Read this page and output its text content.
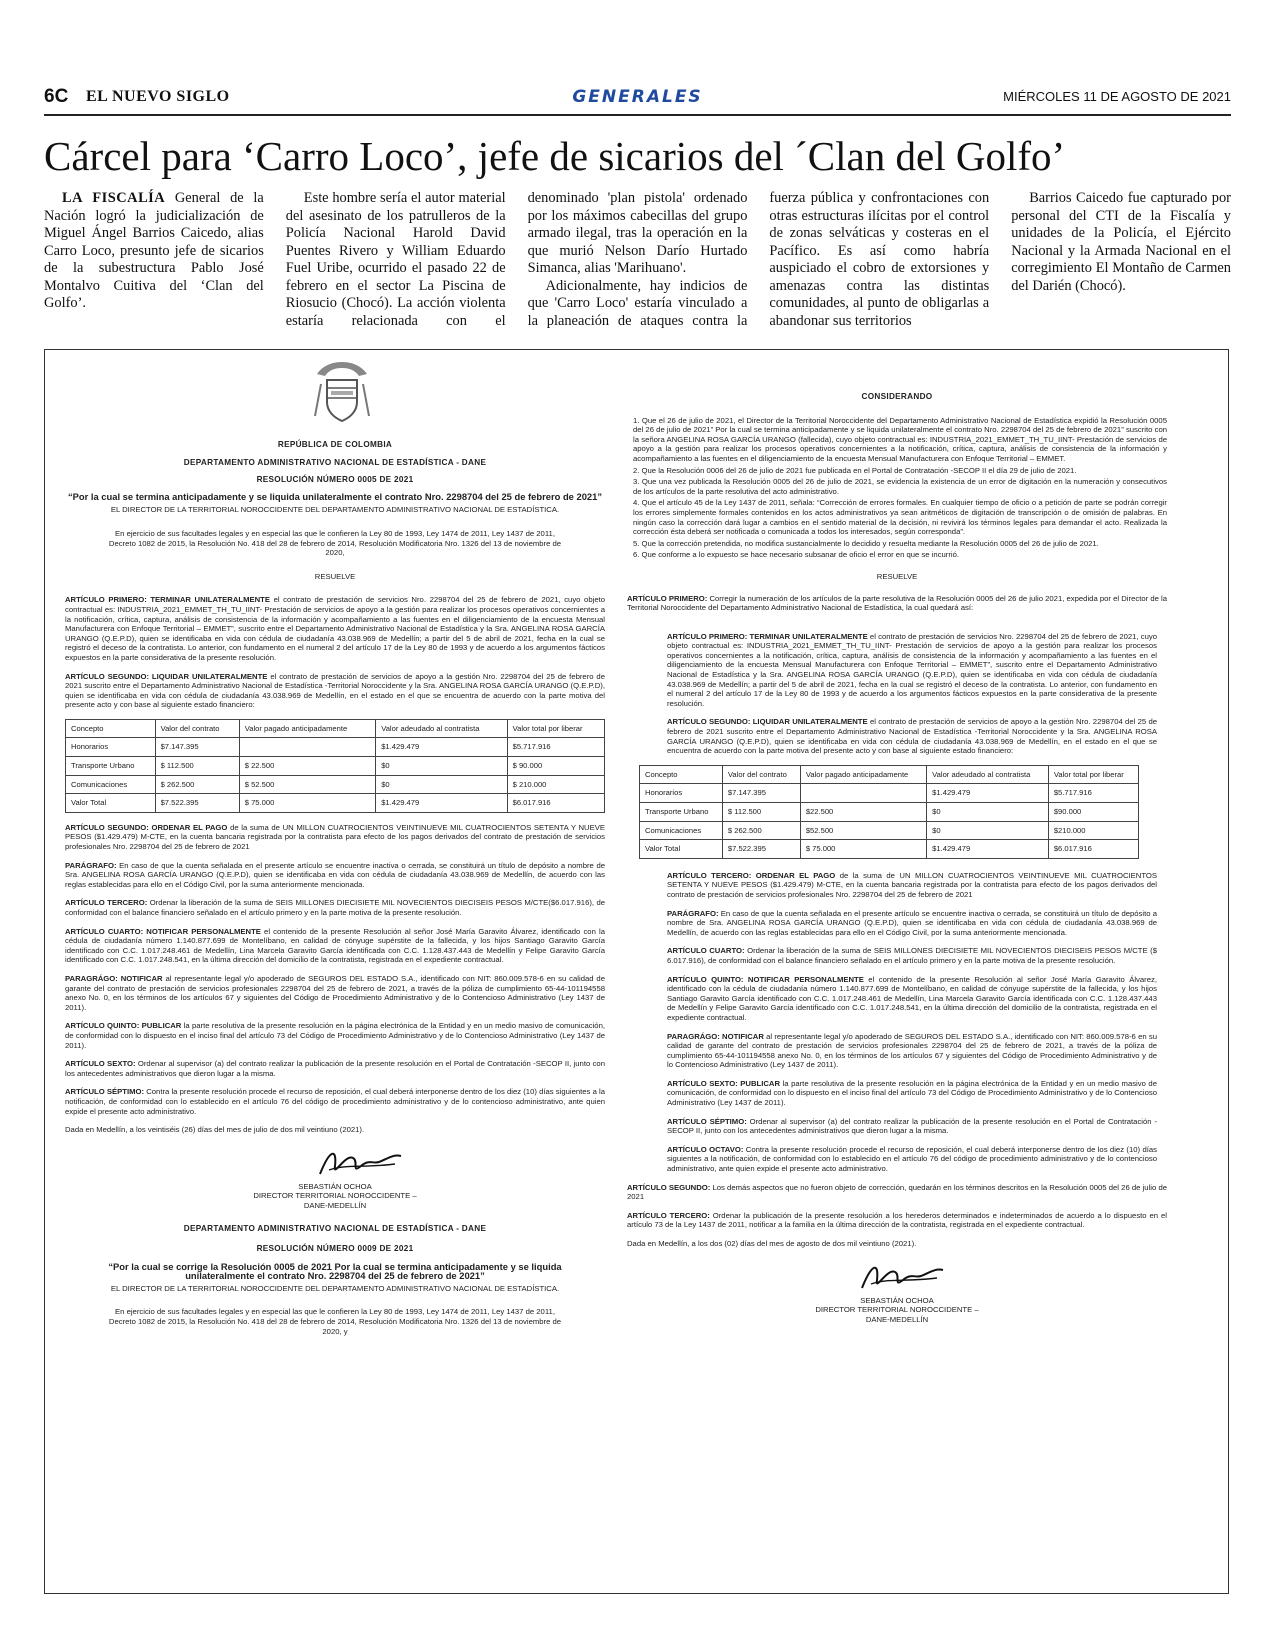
6C EL NUEVO SIGLO	GENERALES	MIÉRCOLES 11 DE AGOSTO DE 2021
Cárcel para ‘Carro Loco’, jefe de sicarios del ´Clan del Golfo’

LA FISCALÍA General de la Nación logró la judicialización de Miguel Ángel Barrios Caicedo, alias Carro Loco, presunto jefe de sicarios de la subestructura Pablo José Montalvo Cuitiva del ‘Clan del Golfo’.

Este hombre sería el autor material del asesinato de los patrulleros de la Policía Nacional Harold David Puentes Rivero y William Eduardo Fuel Uribe, ocurrido el pasado 22 de febrero en el sector La Piscina de Riosucio (Chocó). La acción violenta estaría relacionada con el denominado 'plan pistola' ordenado por los máximos cabecillas del grupo armado ilegal, tras la operación en la que murió Nelson Darío Hurtado Simanca, alias 'Marihuano'.

Adicionalmente, hay indicios de que 'Carro Loco' estaría vinculado a la planeación de ataques contra la fuerza pública y confrontaciones con otras estructuras ilícitas por el control de zonas selváticas y costeras en el Pacífico. Es así como habría auspiciado el cobro de extorsiones y amenazas contra las distintas comunidades, al punto de obligarlas a abandonar sus territorios

Barrios Caicedo fue capturado por personal del CTI de la Fiscalía y unidades de la Policía, el Ejército Nacional y la Armada Nacional en el corregimiento El Montaño de Carmen del Darién (Chocó).

REPÚBLICA DE COLOMBIA
DEPARTAMENTO ADMINISTRATIVO NACIONAL DE ESTADÍSTICA - DANE
RESOLUCIÓN NÚMERO 0005 DE 2021
“Por la cual se termina anticipadamente y se liquida unilateralmente el contrato Nro. 2298704 del 25 de febrero de 2021”
EL DIRECTOR DE LA TERRITORIAL NOROCCIDENTE DEL DEPARTAMENTO ADMINISTRATIVO NACIONAL DE ESTADÍSTICA.
En ejercicio de sus facultades legales y en especial las que le confieren la Ley 80 de 1993, Ley 1474 de 2011, Ley 1437 de 2011, Decreto 1082 de 2015, la Resolución No. 418 del 28 de febrero de 2014, Resolución Modificatoria Nro. 1326 del 13 de noviembre de 2020,
RESUELVE

ARTÍCULO PRIMERO: TERMINAR UNILATERALMENTE el contrato de prestación de servicios Nro. 2298704 del 25 de febrero de 2021, cuyo objeto contractual es: INDUSTRIA_2021_EMMET_TH_TU_IINT- Prestación de servicios de apoyo a la gestión para realizar los procesos operativos concernientes a la notificación, crítica, captura, análisis de consistencia de la información y acompañamiento a las fuentes en el diligenciamiento de la encuesta Mensual Manufacturera con Enfoque Territorial – EMMET”, suscrito entre el Departamento Administrativo Nacional de Estadística y la Sra. ANGELINA ROSA GARCÍA URANGO (Q.E.P.D), quien se identificaba en vida con cédula de ciudadanía 43.038.969 de Medellín; a partir del 5 de abril de 2021, fecha en la cual se registró el deceso de la contratista. Lo anterior, con fundamento en el numeral 2 del artículo 17 de la Ley 80 de 1993 y de acuerdo a los argumentos fácticos expuestos en la parte considerativa de la presente resolución.

ARTÍCULO SEGUNDO: LIQUIDAR UNILATERALMENTE el contrato de prestación de servicios de apoyo a la gestión Nro. 2298704 del 25 de febrero de 2021 suscrito entre el Departamento Administrativo Nacional de Estadística -Territorial Noroccidente y la Sra. ANGELINA ROSA GARCÍA URANGO (Q.E.P.D), quien se identificaba en vida con cédula de ciudadanía 43.038.969 de Medellín, en el estado en el que se encuentra de acuerdo con la parte motiva del presente acto y con base al siguiente estado financiero:

Concepto	Valor del contrato	Valor pagado anticipadamente	Valor adeudado al contratista	Valor total por liberar
Honorarios	$7.147.395		$1.429.479	$5.717.916
Transporte Urbano	$ 112.500	$ 22.500	$0	$ 90.000
Comunicaciones	$ 262.500	$ 52.500	$0	$ 210.000
Valor Total	$7.522.395	$ 75.000	$1.429.479	$6.017.916

ARTÍCULO SEGUNDO: ORDENAR EL PAGO de la suma de UN MILLON CUATROCIENTOS VEINTINUEVE MIL CUATROCIENTOS SETENTA Y NUEVE PESOS ($1.429.479) M-CTE, en la cuenta bancaria registrada por la contratista para efecto de los pagos derivados del contrato de prestación de servicios profesionales Nro. 2298704 del 25 de febrero de 2021

PARÁGRAFO: En caso de que la cuenta señalada en el presente artículo se encuentre inactiva o cerrada, se constituirá un título de depósito a nombre de Sra. ANGELINA ROSA GARCÍA URANGO (Q.E.P.D), quien se identificaba en vida con cédula de ciudadanía 43.038.969 de Medellín, de acuerdo con las reglas establecidas para ello en el Código Civil, por la suma anteriormente mencionada.

ARTÍCULO TERCERO: Ordenar la liberación de la suma de SEIS MILLONES DIECISIETE MIL NOVECIENTOS DIECISEIS PESOS M/CTE($6.017.916), de conformidad con el balance financiero señalado en el artículo primero y en la parte motiva de la presente resolución.

ARTÍCULO CUARTO: NOTIFICAR PERSONALMENTE el contenido de la presente Resolución al señor José María Garavito Álvarez, identificado con la cédula de ciudadanía número 1.140.877.699 de Montelíbano, en calidad de cónyuge supérstite de la fallecida, y los hijos Santiago Garavito García identificado con C.C. 1.017.248.461 de Medellín, Lina Marcela Garavito García identificada con C.C. 1.128.437.443 de Medellín y Felipe Garavito García identificado con C.C. 1.017.248.541, en la última dirección del domicilio de la contratista, registrada en el expediente contractual.

PARAGRÁGO: NOTIFICAR al representante legal y/o apoderado de SEGUROS DEL ESTADO S.A., identificado con NIT: 860.009.578-6 en su calidad de garante del contrato de prestación de servicios profesionales 2298704 del 25 de febrero de 2021, a través de la póliza de cumplimiento 65-44-101194558 anexo No. 0, en los términos de los artículos 67 y siguientes del Código de Procedimiento Administrativo y de lo Contencioso Administrativo (Ley 1437 de 2011).

ARTÍCULO QUINTO: PUBLICAR la parte resolutiva de la presente resolución en la página electrónica de la Entidad y en un medio masivo de comunicación, de conformidad con lo dispuesto en el inciso final del artículo 73 del Código de Procedimiento Administrativo y de lo Contencioso Administrativo (Ley 1437 de 2011).

ARTÍCULO SEXTO: Ordenar al supervisor (a) del contrato realizar la publicación de la presente resolución en el Portal de Contratación -SECOP II, junto con los antecedentes administrativos que dieron lugar a la misma.

ARTÍCULO SÉPTIMO: Contra la presente resolución procede el recurso de reposición, el cual deberá interponerse dentro de los diez (10) días siguientes a la notificación, de conformidad con lo establecido en el artículo 76 del código de procedimiento administrativo y de lo contencioso administrativo, ante quien expide el presente acto administrativo.

Dada en Medellín, a los veintiséis (26) días del mes de julio de dos mil veintiuno (2021).

SEBASTIÁN OCHOA
DIRECTOR TERRITORIAL NOROCCIDENTE –
DANE-MEDELLÍN
DEPARTAMENTO ADMINISTRATIVO NACIONAL DE ESTADÍSTICA - DANE
RESOLUCIÓN NÚMERO 0009 DE 2021
“Por la cual se corrige la Resolución 0005 de 2021 Por la cual se termina anticipadamente y se liquida unilateralmente el contrato Nro. 2298704 del 25 de febrero de 2021”
EL DIRECTOR DE LA TERRITORIAL NOROCCIDENTE DEL DEPARTAMENTO ADMINISTRATIVO NACIONAL DE ESTADÍSTICA.
En ejercicio de sus facultades legales y en especial las que le confieren la Ley 80 de 1993, Ley 1474 de 2011, Ley 1437 de 2011, Decreto 1082 de 2015, la Resolución No. 418 del 28 de febrero de 2014, Resolución Modificatoria Nro. 1326 del 13 de noviembre de 2020, y
CONSIDERANDO

1. Que el 26 de julio de 2021, el Director de la Territorial Noroccidente del Departamento Administrativo Nacional de Estadística expidió la Resolución 0005 del 26 de julio de 2021” Por la cual se termina anticipadamente y se liquida unilateralmente el contrato Nro. 2298704 del 25 de febrero de 2021” suscrito con la señora ANGELINA ROSA GARCÍA URANGO (fallecida), cuyo objeto contractual es: INDUSTRIA_2021_EMMET_TH_TU_IINT- Prestación de servicios de apoyo a la gestión para realizar los procesos operativos concernientes a la notificación, crítica, captura, análisis de consistencia de la información y acompañamiento a las fuentes en el diligenciamiento de la encuesta Mensual Manufacturera con Enfoque Territorial – EMMET.

2. Que la Resolución 0006 del 26 de julio de 2021 fue publicada en el Portal de Contratación -SECOP II el día 29 de julio de 2021.

3. Que una vez publicada la Resolución 0005 del 26 de julio de 2021, se evidencia la existencia de un error de digitación en la numeración y consecutivos de los artículos de la parte resolutiva del acto administrativo.

4. Que el artículo 45 de la Ley 1437 de 2011, señala: “Corrección de errores formales. En cualquier tiempo de oficio o a petición de parte se podrán corregir los errores simplemente formales contenidos en los actos administrativos ya sean aritméticos de digitación de transcripción o de omisión de palabras. En ningún caso la corrección dará lugar a cambios en el sentido material de la decisión, ni revivirá los términos legales para demandar el acto. Realizada la corrección ésta deberá ser notificada o comunicada a todos los interesados, según corresponda”.

5. Que la corrección pretendida, no modifica sustancialmente lo decidido y resuelta mediante la Resolución 0005 del 26 de julio de 2021.

6. Que conforme a lo expuesto se hace necesario subsanar de oficio el error en que se incurrió.

RESUELVE

ARTÍCULO PRIMERO: Corregir la numeración de los artículos de la parte resolutiva de la Resolución 0005 del 26 de julio 2021, expedida por el Director de la Territorial Noroccidente del Departamento Administrativo Nacional de Estadística, la cual quedará así:

ARTÍCULO PRIMERO: TERMINAR UNILATERALMENTE el contrato de prestación de servicios Nro. 2298704 del 25 de febrero de 2021, cuyo objeto contractual es: INDUSTRIA_2021_EMMET_TH_TU_IINT- Prestación de servicios de apoyo a la gestión para realizar los procesos operativos concernientes a la notificación, crítica, captura, análisis de consistencia de la información y acompañamiento a las fuentes en el diligenciamiento de la encuesta Mensual Manufacturera con Enfoque Territorial – EMMET”, suscrito entre el Departamento Administrativo Nacional de Estadística y la Sra. ANGELINA ROSA GARCÍA URANGO (Q.E.P.D), quien se identificaba en vida con cédula de ciudadanía 43.038.969 de Medellín; a partir del 5 de abril de 2021, fecha en la cual se registró el deceso de la contratista. Lo anterior, con fundamento en el numeral 2 del artículo 17 de la Ley 80 de 1993 y de acuerdo a los argumentos fácticos expuestos en la parte considerativa de la presente resolución.

ARTÍCULO SEGUNDO: LIQUIDAR UNILATERALMENTE el contrato de prestación de servicios de apoyo a la gestión Nro. 2298704 del 25 de febrero de 2021 suscrito entre el Departamento Administrativo Nacional de Estadística -Territorial Noroccidente y la Sra. ANGELINA ROSA GARCÍA URANGO (Q.E.P.D), quien se identificaba en vida con cédula de ciudadanía 43.038.969 de Medellín, en el estado en el que se encuentra de acuerdo con la parte motiva del presente acto y con base al siguiente estado financiero:

Concepto	Valor del contrato	Valor pagado anticipadamente	Valor adeudado al contratista	Valor total por liberar
Honorarios	$7.147.395		$1.429.479	$5.717.916
Transporte Urbano	$ 112.500	$22.500	$0	$90.000
Comunicaciones	$ 262.500	$52.500	$0	$210.000
Valor Total	$7.522.395	$ 75.000	$1.429.479	$6.017.916

ARTÍCULO TERCERO: ORDENAR EL PAGO de la suma de UN MILLON CUATROCIENTOS VEINTINUEVE MIL CUATROCIENTOS SETENTA Y NUEVE PESOS ($1.429.479) M-CTE, en la cuenta bancaria registrada por la contratista para efecto de los pagos derivados del contrato de prestación de servicios profesionales Nro. 2298704 del 25 de febrero de 2021

PARÁGRAFO: En caso de que la cuenta señalada en el presente artículo se encuentre inactiva o cerrada, se constituirá un título de depósito a nombre de Sra. ANGELINA ROSA GARCÍA URANGO (Q.E.P.D), quien se identificaba en vida con cédula de ciudadanía 43.038.969 de Medellín, de acuerdo con las reglas establecidas para ello en el Código Civil, por la suma anteriormente mencionada.

ARTÍCULO CUARTO: Ordenar la liberación de la suma de SEIS MILLONES DIECISIETE MIL NOVECIENTOS DIECISEIS PESOS M/CTE ($ 6.017.916), de conformidad con el balance financiero señalado en el artículo primero y en la parte motiva de la presente resolución.

ARTÍCULO QUINTO: NOTIFICAR PERSONALMENTE el contenido de la presente Resolución al señor José María Garavito Álvarez, identificado con la cédula de ciudadanía número 1.140.877.699 de Montelíbano, en calidad de cónyuge supérstite de la fallecida, y los hijos Santiago Garavito García identificado con C.C. 1.017.248.461 de Medellín, Lina Marcela Garavito García identificada con C.C. 1.128.437.443 de Medellín y Felipe Garavito García identificado con C.C. 1.017.248.541, en la última dirección del domicilio de la contratista, registrada en el expediente contractual.

PARAGRÁGO: NOTIFICAR al representante legal y/o apoderado de SEGUROS DEL ESTADO S.A., identificado con NIT: 860.009.578-6 en su calidad de garante del contrato de prestación de servicios profesionales 2298704 del 25 de febrero de 2021, a través de la póliza de cumplimiento 65-44-101194558 anexo No. 0, en los términos de los artículos 67 y siguientes del Código de Procedimiento Administrativo y de lo Contencioso Administrativo (Ley 1437 de 2011).

ARTÍCULO SEXTO: PUBLICAR la parte resolutiva de la presente resolución en la página electrónica de la Entidad y en un medio masivo de comunicación, de conformidad con lo dispuesto en el inciso final del artículo 73 del Código de Procedimiento Administrativo y de lo Contencioso Administrativo (Ley 1437 de 2011).

ARTÍCULO SÉPTIMO: Ordenar al supervisor (a) del contrato realizar la publicación de la presente resolución en el Portal de Contratación -SECOP II, junto con los antecedentes administrativos que dieron lugar a la misma.

ARTÍCULO OCTAVO: Contra la presente resolución procede el recurso de reposición, el cual deberá interponerse dentro de los diez (10) días siguientes a la notificación, de conformidad con lo establecido en el artículo 76 del código de procedimiento administrativo y de lo contencioso administrativo, ante quien expide el presente acto administrativo.

ARTÍCULO SEGUNDO: Los demás aspectos que no fueron objeto de corrección, quedarán en los términos descritos en la Resolución 0005 del 26 de julio de 2021

ARTÍCULO TERCERO: Ordenar la publicación de la presente resolución a los herederos determinados e indeterminados de acuerdo a lo dispuesto en el artículo 73 de la Ley 1437 de 2011, notificar a la familia en la última dirección de la contratista, registrada en el expediente contractual.

Dada en Medellín, a los dos (02) días del mes de agosto de dos mil veintiuno (2021).

SEBASTIÁN OCHOA
DIRECTOR TERRITORIAL NOROCCIDENTE –
DANE-MEDELLÍN
